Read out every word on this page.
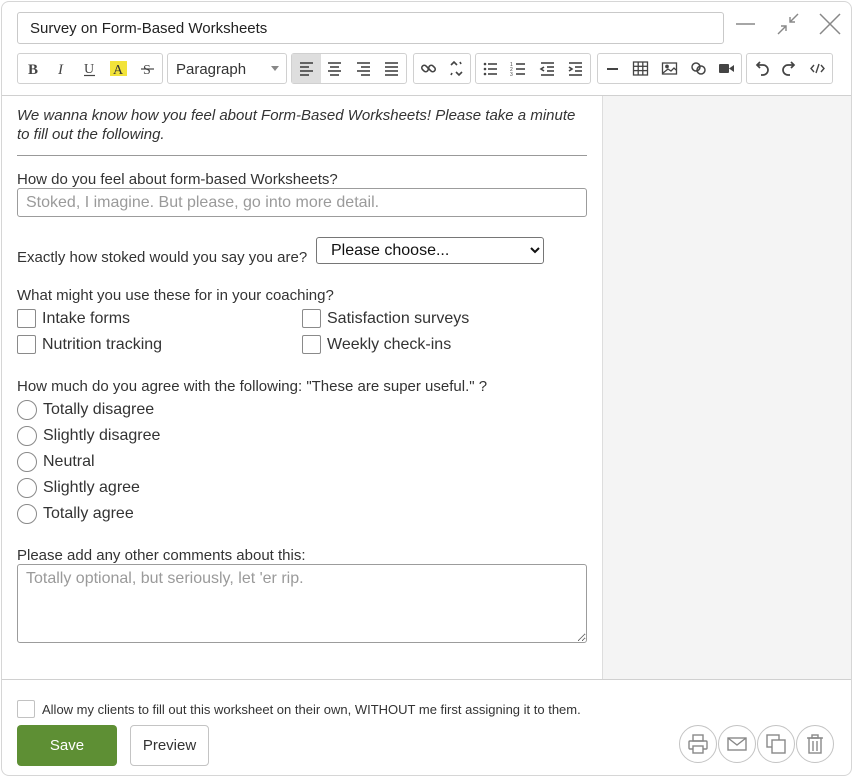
Survey on Form-Based Worksheets
B I U A S	Paragraph	1
2
3
We wanna know how you feel about Form-Based Worksheets! Please take a minute to fill out the following.
How do you feel about form-based Worksheets?
Stoked, I imagine. But please, go into more detail.
Exactly how stoked would you say you are?
Please choose...
What might you use these for in your coaching?
Intake forms	Satisfaction surveys
Nutrition tracking	Weekly check-ins
How much do you agree with the following: "These are super useful." ?
Totally disagree
Slightly disagree
Neutral
Slightly agree
Totally agree
Please add any other comments about this:
Totally optional, but seriously, let 'er rip.
Allow my clients to fill out this worksheet on their own, WITHOUT me first assigning it to them.
Save	Preview
